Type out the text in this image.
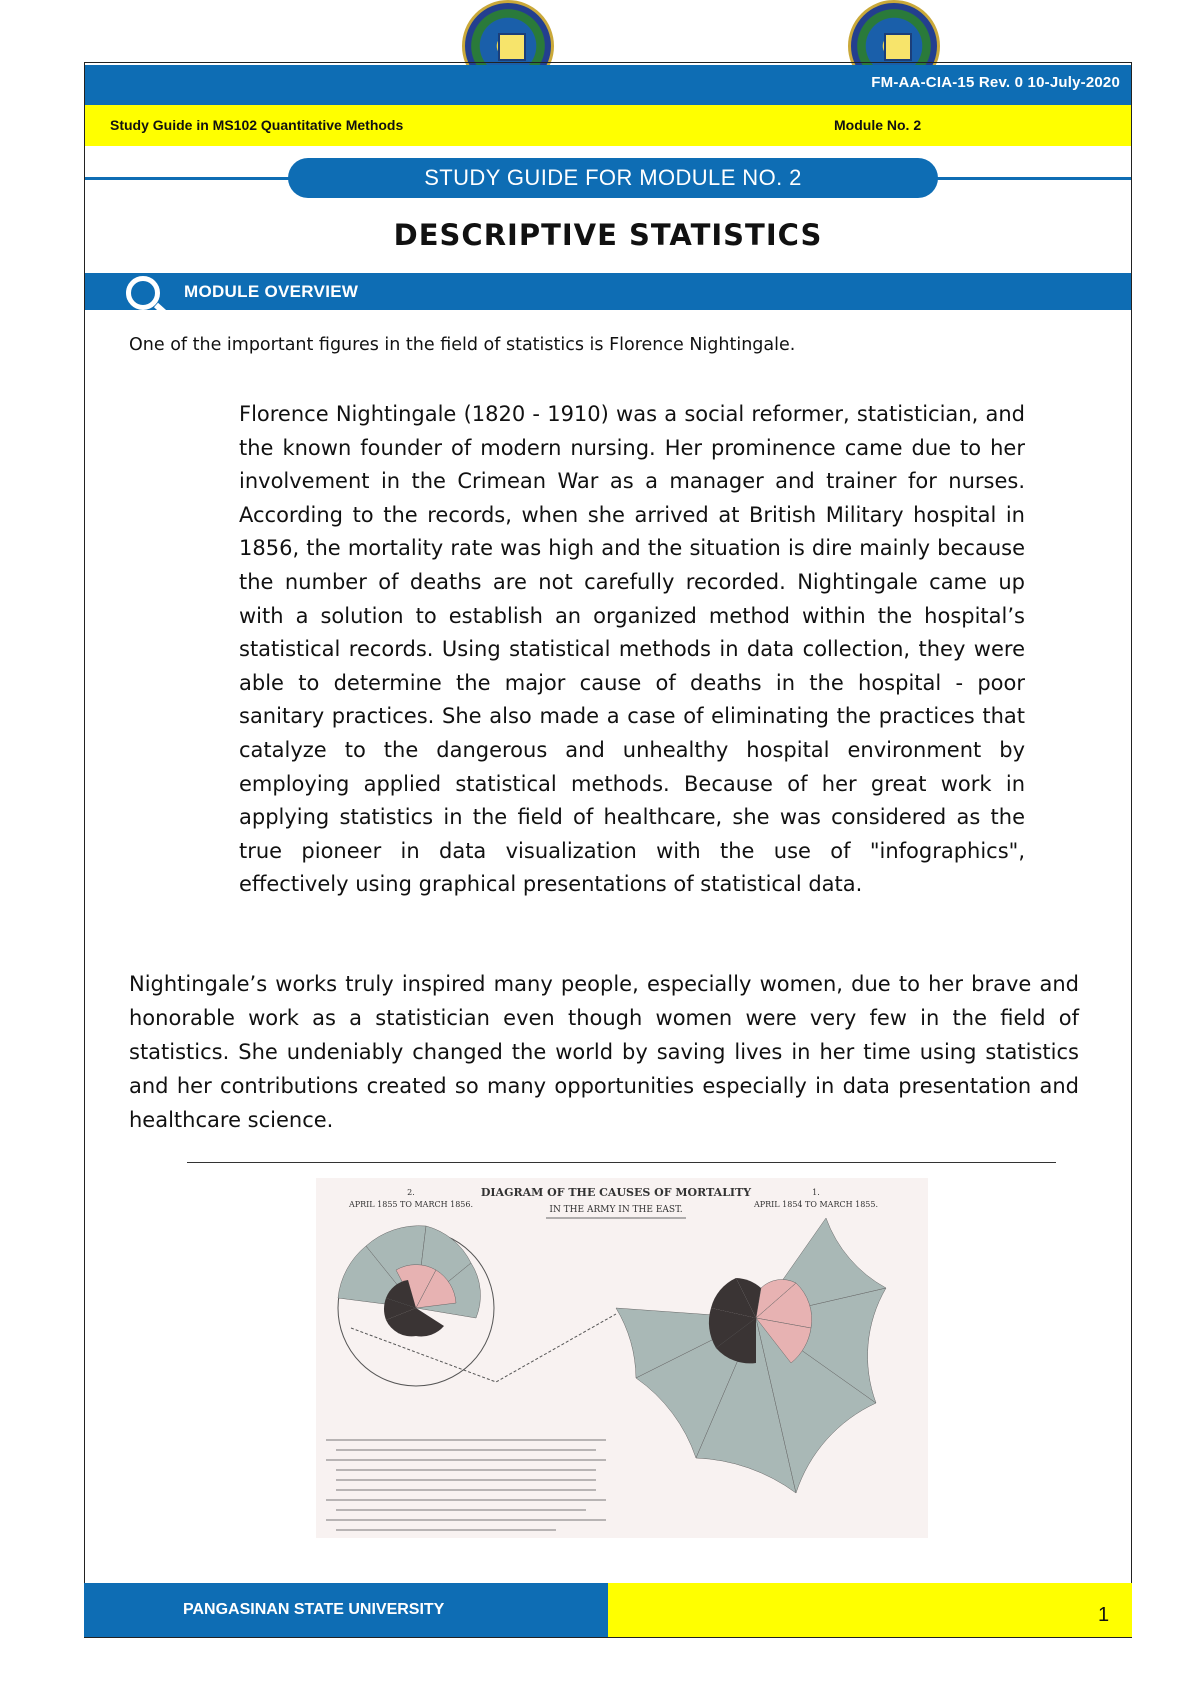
FM-AA-CIA-15 Rev. 0 10-July-2020
Study Guide in MS102 Quantitative Methods	Module No. 2
STUDY GUIDE FOR MODULE NO. 2
DESCRIPTIVE STATISTICS
MODULE OVERVIEW
One of the important figures in the field of statistics is Florence Nightingale.
Florence Nightingale (1820 - 1910) was a social reformer, statistician, and the known founder of modern nursing. Her prominence came due to her involvement in the Crimean War as a manager and trainer for nurses. According to the records, when she arrived at British Military hospital in 1856, the mortality rate was high and the situation is dire mainly because the number of deaths are not carefully recorded. Nightingale came up with a solution to establish an organized method within the hospital’s statistical records. Using statistical methods in data collection, they were able to determine the major cause of deaths in the hospital - poor sanitary practices. She also made a case of eliminating the practices that catalyze to the dangerous and unhealthy hospital environment by employing applied statistical methods. Because of her great work in applying statistics in the field of healthcare, she was considered as the true pioneer in data visualization with the use of "infographics", effectively using graphical presentations of statistical data.
Nightingale’s works truly inspired many people, especially women, due to her brave and honorable work as a statistician even though women were very few in the field of statistics. She undeniably changed the world by saving lives in her time using statistics and her contributions created so many opportunities especially in data presentation and healthcare science.
DIAGRAM OF THE CAUSES OF MORTALITY
IN THE ARMY IN THE EAST.
2.
APRIL 1855 TO MARCH 1856.
1.
APRIL 1854 TO MARCH 1855.
PANGASINAN STATE UNIVERSITY	1
